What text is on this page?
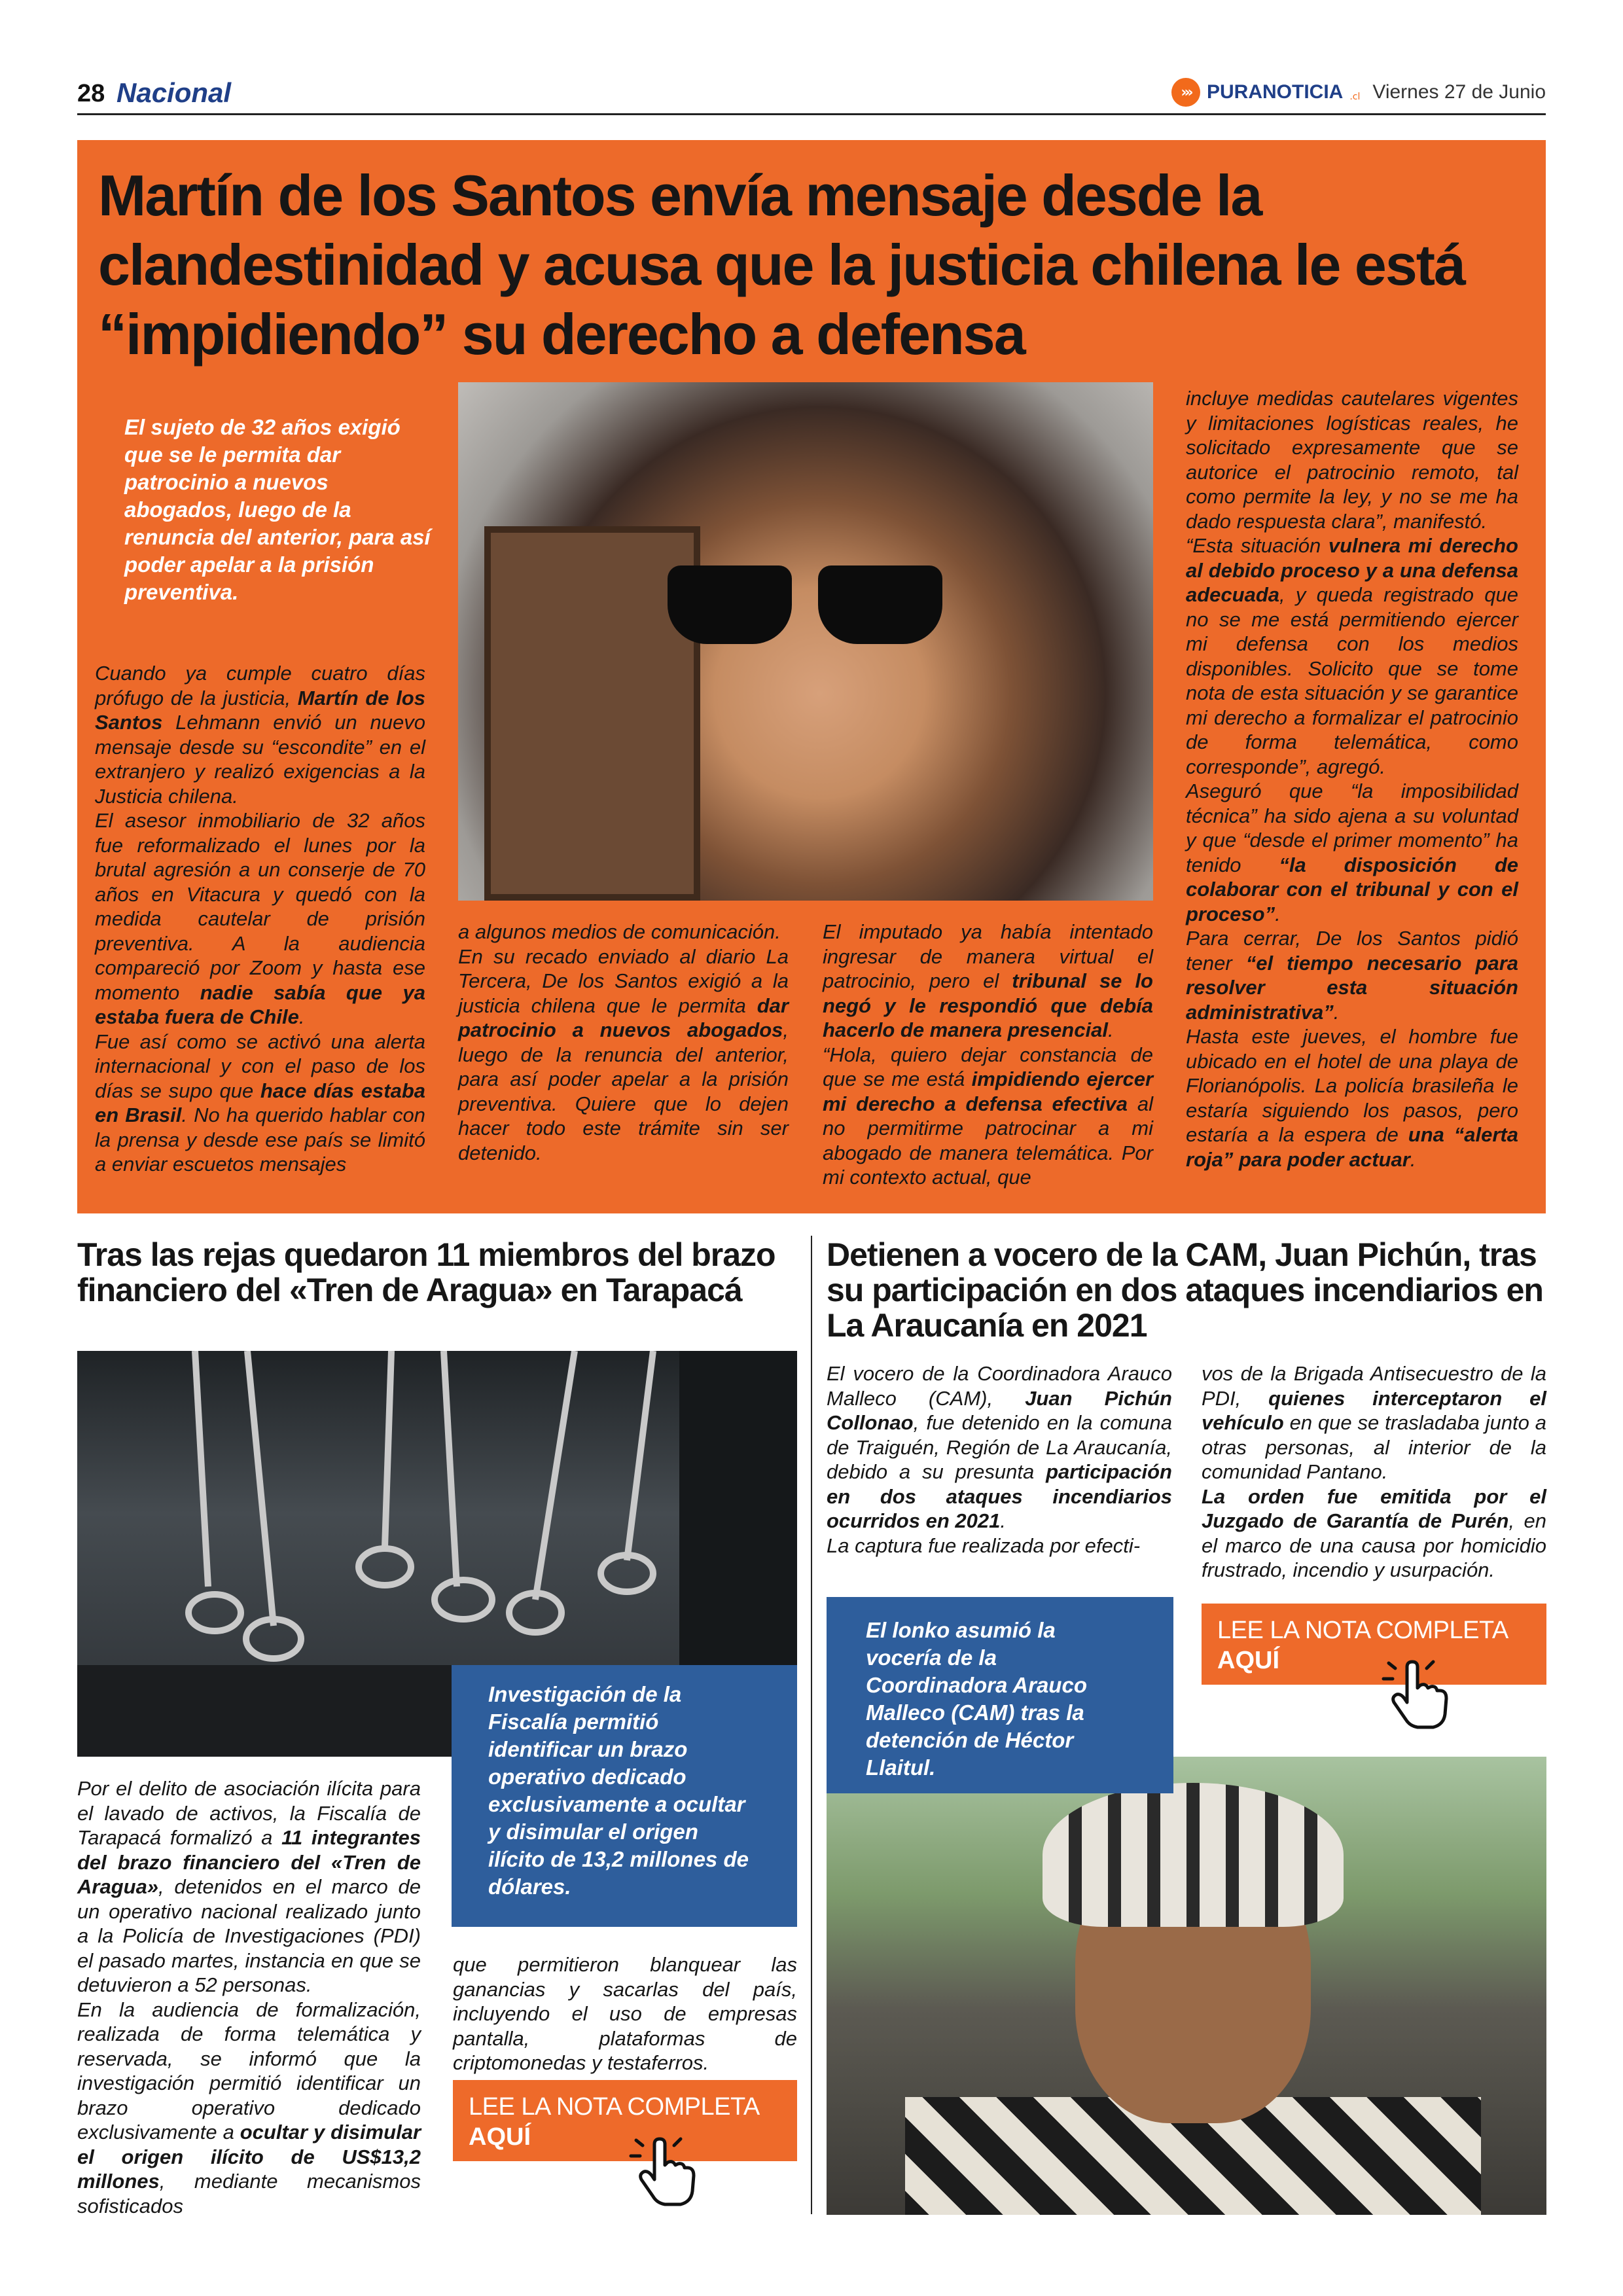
28 Nacional	››› PURANOTICIA .cl Viernes 27 de Junio
Martín de los Santos envía mensaje desde la clandestinidad y acusa que la justicia chilena le está “impidiendo” su derecho a defensa
El sujeto de 32 años exigió que se le permita dar patrocinio a nuevos abogados, luego de la renuncia del anterior, para así poder apelar a la prisión preventiva.
Cuando ya cumple cuatro días prófugo de la justicia, Martín de los Santos Lehmann envió un nuevo mensaje desde su “escondite” en el extranjero y realizó exigencias a la Justicia chilena.
El asesor inmobiliario de 32 años fue reformalizado el lunes por la brutal agresión a un conserje de 70 años en Vitacura y quedó con la medida cautelar de prisión preventiva. A la audiencia compareció por Zoom y hasta ese momento nadie sabía que ya estaba fuera de Chile.
Fue así como se activó una alerta internacional y con el paso de los días se supo que hace días estaba en Brasil. No ha querido hablar con la prensa y desde ese país se limitó a enviar escuetos mensajes
a algunos medios de comunicación.
En su recado enviado al diario La Tercera, De los Santos exigió a la justicia chilena que le permita dar patrocinio a nuevos abogados, luego de la renuncia del anterior, para así poder apelar a la prisión preventiva. Quiere que lo dejen hacer todo este trámite sin ser detenido.
El imputado ya había intentado ingresar de manera virtual el patrocinio, pero el tribunal se lo negó y le respondió que debía hacerlo de manera presencial.
“Hola, quiero dejar constancia de que se me está impidiendo ejercer mi derecho a defensa efectiva al no permitirme patrocinar a mi abogado de manera telemática. Por mi contexto actual, que
incluye medidas cautelares vigentes y limitaciones logísticas reales, he solicitado expresamente que se autorice el patrocinio remoto, tal como permite la ley, y no se me ha dado respuesta clara”, manifestó.
“Esta situación vulnera mi derecho al debido proceso y a una defensa adecuada, y queda registrado que no se me está permitiendo ejercer mi defensa con los medios disponibles. Solicito que se tome nota de esta situación y se garantice mi derecho a formalizar el patrocinio de forma telemática, como corresponde”, agregó.
Aseguró que “la imposibilidad técnica” ha sido ajena a su voluntad y que “desde el primer momento” ha tenido “la disposición de colaborar con el tribunal y con el proceso”.
Para cerrar, De los Santos pidió tener “el tiempo necesario para resolver esta situación administrativa”.
Hasta este jueves, el hombre fue ubicado en el hotel de una playa de Florianópolis. La policía brasileña le estaría siguiendo los pasos, pero estaría a la espera de una “alerta roja” para poder actuar.
Tras las rejas quedaron 11 miembros del brazo financiero del «Tren de Aragua» en Tarapacá
Investigación de la Fiscalía permitió identificar un brazo operativo dedicado exclusivamente a ocultar y disimular el origen ilícito de 13,2 millones de dólares.
Por el delito de asociación ilícita para el lavado de activos, la Fiscalía de Tarapacá formalizó a 11 integrantes del brazo financiero del «Tren de Aragua», detenidos en el marco de un operativo nacional realizado junto a la Policía de Investigaciones (PDI) el pasado martes, instancia en que se detuvieron a 52 personas.
En la audiencia de formalización, realizada de forma telemática y reservada, se informó que la investigación permitió identificar un brazo operativo dedicado exclusivamente a ocultar y disimular el origen ilícito de US$13,2 millones, mediante mecanismos sofisticados
que permitieron blanquear las ganancias y sacarlas del país, incluyendo el uso de empresas pantalla, plataformas de criptomonedas y testaferros.
LEE LA NOTA COMPLETA
AQUÍ
Detienen a vocero de la CAM, Juan Pichún, tras su participación en dos ataques incendiarios en La Araucanía en 2021
El vocero de la Coordinadora Arauco Malleco (CAM), Juan Pichún Collonao, fue detenido en la comuna de Traiguén, Región de La Araucanía, debido a su presunta participación en dos ataques incendiarios ocurridos en 2021.
La captura fue realizada por efecti-
vos de la Brigada Antisecuestro de la PDI, quienes interceptaron el vehículo en que se trasladaba junto a otras personas, al interior de la comunidad Pantano.
La orden fue emitida por el Juzgado de Garantía de Purén, en el marco de una causa por homicidio frustrado, incendio y usurpación.
LEE LA NOTA COMPLETA
AQUÍ
El lonko asumió la vocería de la Coordinadora Arauco Malleco (CAM) tras la detención de Héctor Llaitul.
